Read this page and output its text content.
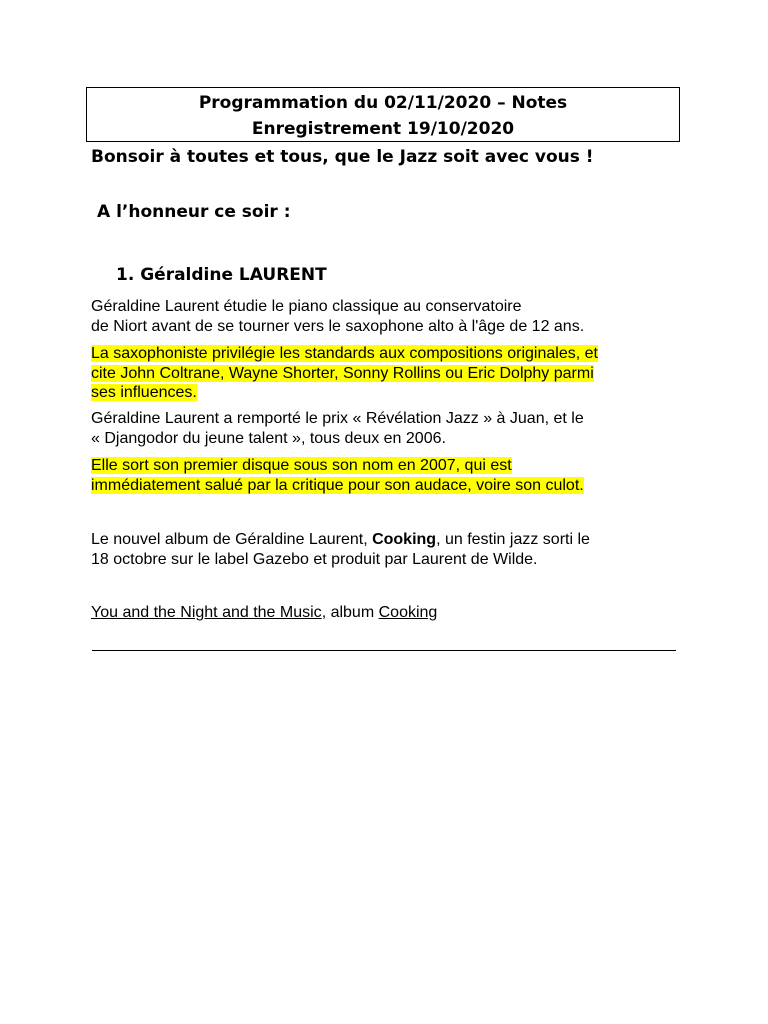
Programmation du 02/11/2020 – Notes
Enregistrement 19/10/2020
Bonsoir à toutes et tous, que le Jazz soit avec vous !
A l’honneur ce soir :
1. Géraldine LAURENT
Géraldine Laurent étudie le piano classique au conservatoire
de Niort avant de se tourner vers le saxophone alto à l'âge de 12 ans.
La saxophoniste privilégie les standards aux compositions originales, et
cite John Coltrane, Wayne Shorter, Sonny Rollins ou Eric Dolphy parmi
ses influences.
Géraldine Laurent a remporté le prix « Révélation Jazz » à Juan, et le
« Djangodor du jeune talent », tous deux en 2006.
Elle sort son premier disque sous son nom en 2007, qui est
immédiatement salué par la critique pour son audace, voire son culot.
Le nouvel album de Géraldine Laurent, Cooking, un festin jazz sorti le
18 octobre sur le label Gazebo et produit par Laurent de Wilde.
You and the Night and the Music, album Cooking
